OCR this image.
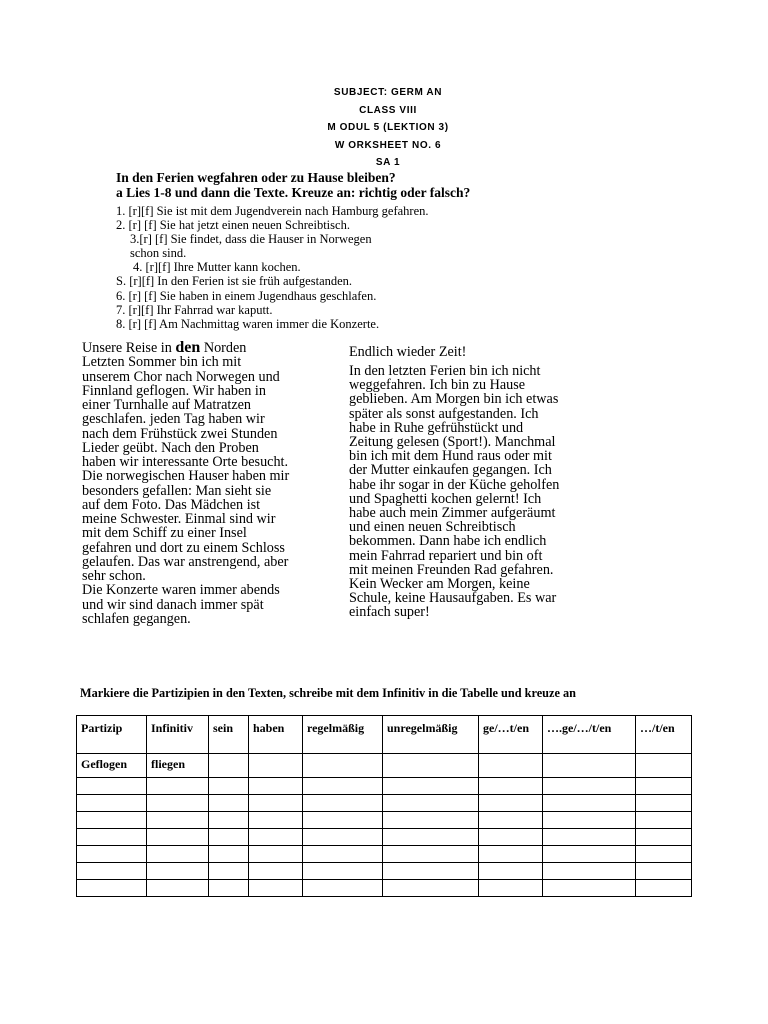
SUBJECT: GERM AN
CLASS VIII
M ODUL 5 (LEKTION 3)
W ORKSHEET NO. 6
SA 1
In den Ferien wegfahren oder zu Hause bleiben?
a Lies 1-8 und dann die Texte. Kreuze an: richtig oder falsch?
1. [r][f] Sie ist mit dem Jugendverein nach Hamburg gefahren.
2. [r] [f] Sie hat jetzt einen neuen Schreibtisch.
3.[r] [f] Sie findet, dass die Hauser in Norwegen
schon sind.
4. [r][f] Ihre Mutter kann kochen.
S. [r][f] In den Ferien ist sie früh aufgestanden.
6. [r] [f] Sie haben in einem Jugendhaus geschlafen.
7. [r][f] Ihr Fahrrad war kaputt.
8. [r] [f] Am Nachmittag waren immer die Konzerte.
Unsere Reise in den Norden
Letzten Sommer bin ich mit
unserem Chor nach Norwegen und
Finnland geflogen. Wir haben in
einer Turnhalle auf Matratzen
geschlafen. jeden Tag haben wir
nach dem Frühstück zwei Stunden
Lieder geübt. Nach den Proben
haben wir interessante Orte besucht.
Die norwegischen Hauser haben mir
besonders gefallen: Man sieht sie
auf dem Foto. Das Mädchen ist
meine Schwester. Einmal sind wir
mit dem Schiff zu einer Insel
gefahren und dort zu einem Schloss
gelaufen. Das war anstrengend, aber
sehr schon.
Die Konzerte waren immer abends
und wir sind danach immer spät
schlafen gegangen.
Endlich wieder Zeit!
In den letzten Ferien bin ich nicht
weggefahren. Ich bin zu Hause
geblieben. Am Morgen bin ich etwas
später als sonst aufgestanden. Ich
habe in Ruhe gefrühstückt und
Zeitung gelesen (Sport!). Manchmal
bin ich mit dem Hund raus oder mit
der Mutter einkaufen gegangen. Ich
habe ihr sogar in der Küche geholfen
und Spaghetti kochen gelernt! Ich
habe auch mein Zimmer aufgeräumt
und einen neuen Schreibtisch
bekommen. Dann habe ich endlich
mein Fahrrad repariert und bin oft
mit meinen Freunden Rad gefahren.
Kein Wecker am Morgen, keine
Schule, keine Hausaufgaben. Es war
einfach super!
Markiere die Partizipien in den Texten, schreibe mit dem Infinitiv in die Tabelle und kreuze an
Partizip	Infinitiv	sein	haben	regelmäßig	unregelmäßig	ge/…t/en	….ge/…/t/en	…/t/en
Geflogen	fliegen							
